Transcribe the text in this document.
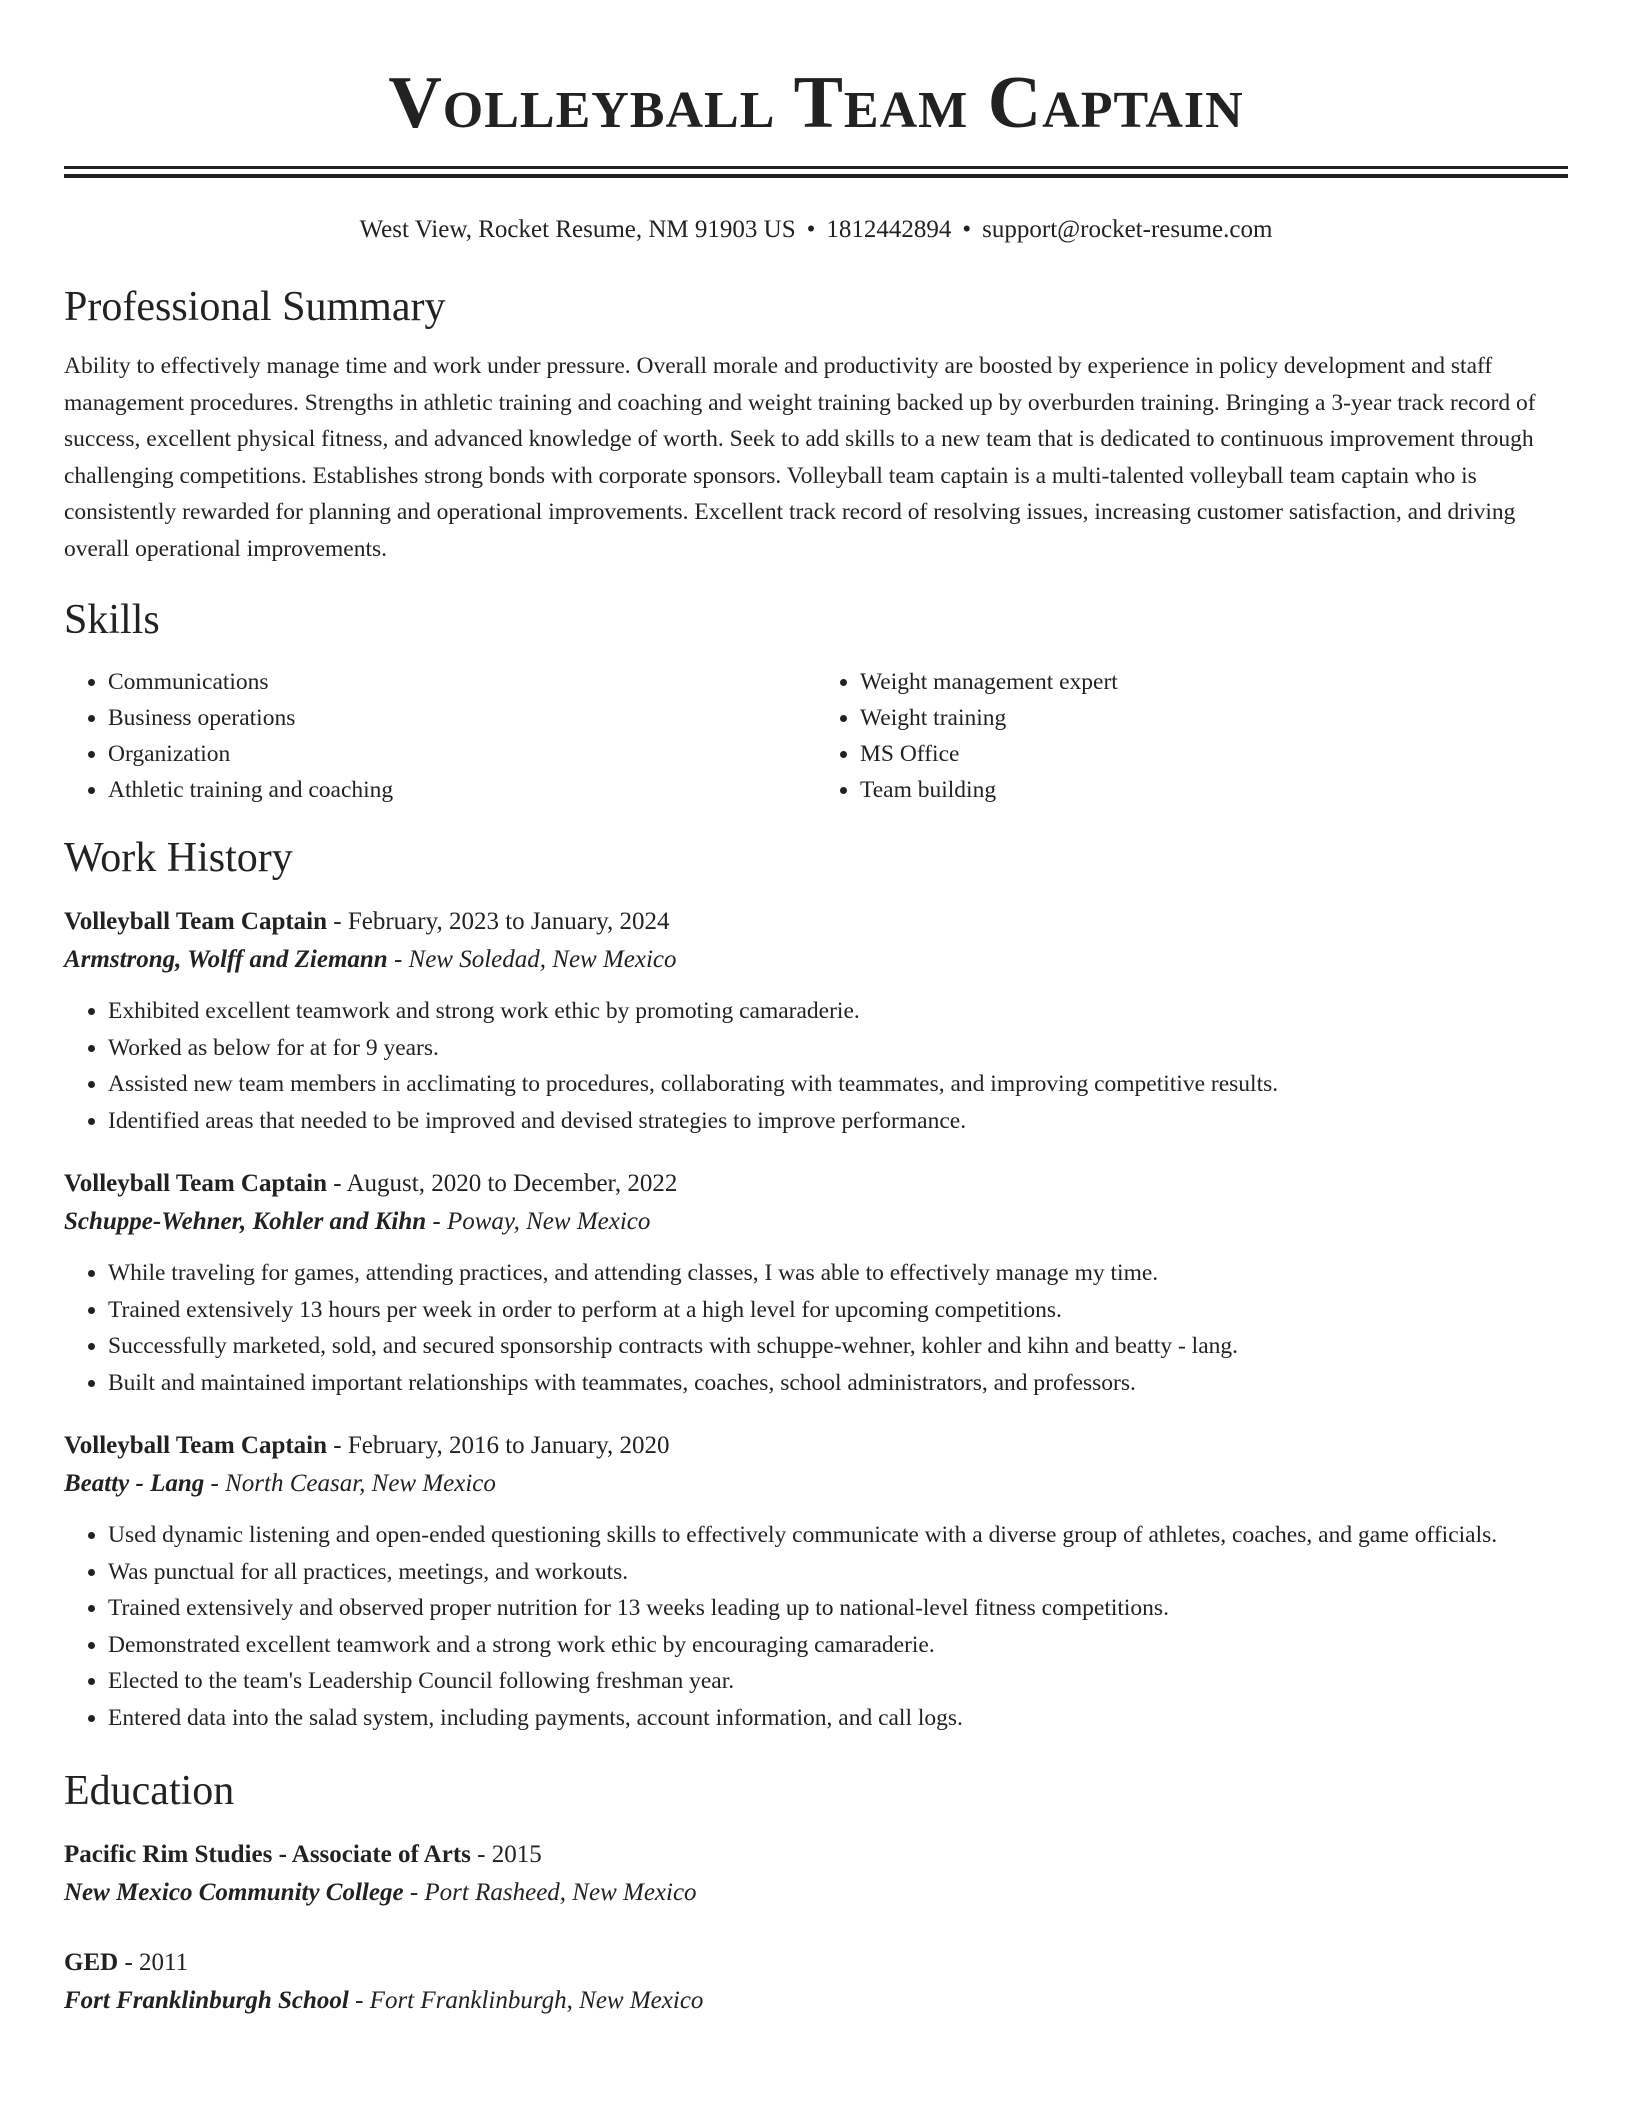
Volleyball Team Captain
West View, Rocket Resume, NM 91903 US • 1812442894 • support@rocket-resume.com
Professional Summary

Ability to effectively manage time and work under pressure. Overall morale and productivity are boosted by experience in policy development and staff management procedures. Strengths in athletic training and coaching and weight training backed up by overburden training. Bringing a 3-year track record of success, excellent physical fitness, and advanced knowledge of worth. Seek to add skills to a new team that is dedicated to continuous improvement through challenging competitions. Establishes strong bonds with corporate sponsors. Volleyball team captain is a multi-talented volleyball team captain who is consistently rewarded for planning and operational improvements. Excellent track record of resolving issues, increasing customer satisfaction, and driving overall operational improvements.

Skills
• Communications
• Business operations
• Organization
• Athletic training and coaching
• Weight management expert
• Weight training
• MS Office
• Team building
Work History
Volleyball Team Captain - February, 2023 to January, 2024
Armstrong, Wolff and Ziemann - New Soledad, New Mexico
• Exhibited excellent teamwork and strong work ethic by promoting camaraderie.
• Worked as below for at for 9 years.
• Assisted new team members in acclimating to procedures, collaborating with teammates, and improving competitive results.
• Identified areas that needed to be improved and devised strategies to improve performance.
Volleyball Team Captain - August, 2020 to December, 2022
Schuppe-Wehner, Kohler and Kihn - Poway, New Mexico
• While traveling for games, attending practices, and attending classes, I was able to effectively manage my time.
• Trained extensively 13 hours per week in order to perform at a high level for upcoming competitions.
• Successfully marketed, sold, and secured sponsorship contracts with schuppe-wehner, kohler and kihn and beatty - lang.
• Built and maintained important relationships with teammates, coaches, school administrators, and professors.
Volleyball Team Captain - February, 2016 to January, 2020
Beatty - Lang - North Ceasar, New Mexico
• Used dynamic listening and open-ended questioning skills to effectively communicate with a diverse group of athletes, coaches, and game officials.
• Was punctual for all practices, meetings, and workouts.
• Trained extensively and observed proper nutrition for 13 weeks leading up to national-level fitness competitions.
• Demonstrated excellent teamwork and a strong work ethic by encouraging camaraderie.
• Elected to the team's Leadership Council following freshman year.
• Entered data into the salad system, including payments, account information, and call logs.
Education
Pacific Rim Studies - Associate of Arts - 2015
New Mexico Community College - Port Rasheed, New Mexico
GED - 2011
Fort Franklinburgh School - Fort Franklinburgh, New Mexico
